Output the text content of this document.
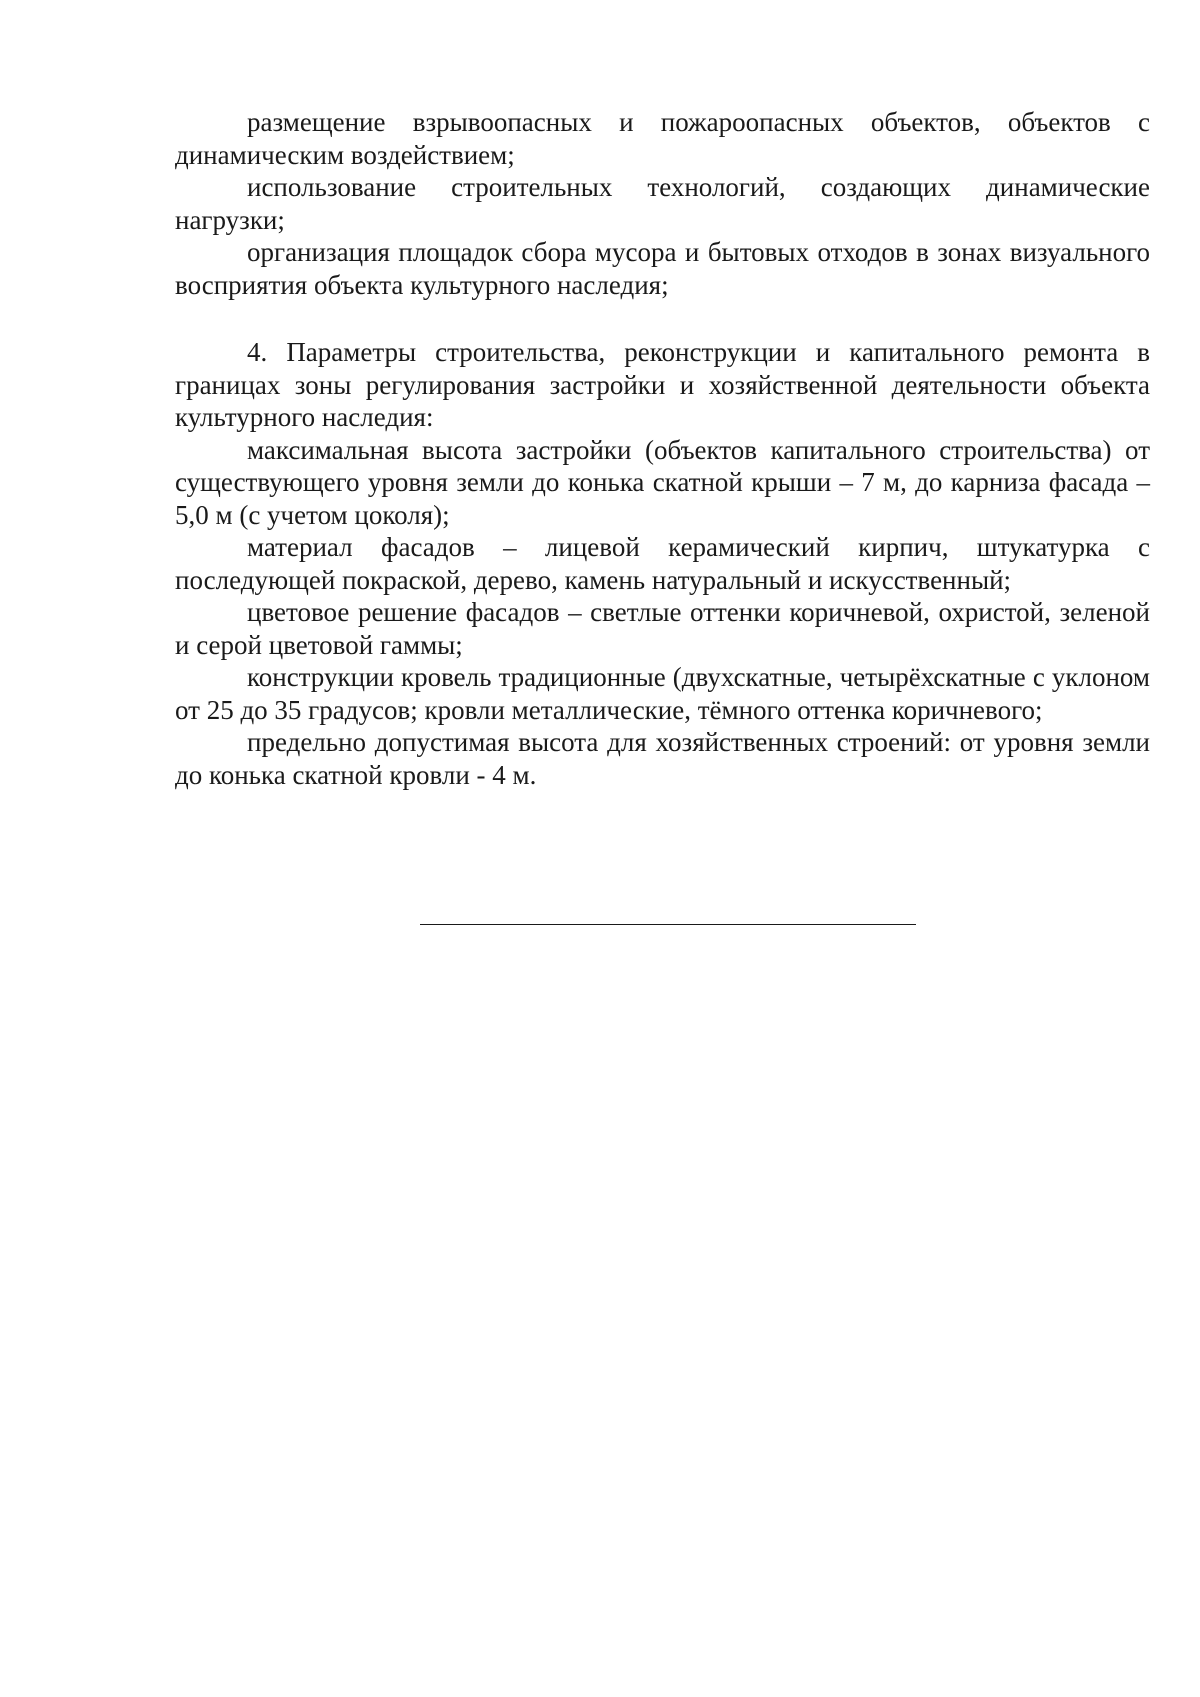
размещение взрывоопасных и пожароопасных объектов, объектов с динамическим воздействием;

использование строительных технологий, создающих динамические нагрузки;

организация площадок сбора мусора и бытовых отходов в зонах визуального восприятия объекта культурного наследия;

4. Параметры строительства, реконструкции и капитального ремонта в границах зоны регулирования застройки и хозяйственной деятельности объекта культурного наследия:

максимальная высота застройки (объектов капитального строительства) от существующего уровня земли до конька скатной крыши – 7 м, до карниза фасада – 5,0 м (с учетом цоколя);

материал фасадов – лицевой керамический кирпич, штукатурка с последующей покраской, дерево, камень натуральный и искусственный;

цветовое решение фасадов – светлые оттенки коричневой, охристой, зеленой и серой цветовой гаммы;

конструкции кровель традиционные (двухскатные, четырёхскатные с уклоном от 25 до 35 градусов; кровли металлические, тёмного оттенка коричневого;

предельно допустимая высота для хозяйственных строений: от уровня земли до конька скатной кровли - 4 м.
